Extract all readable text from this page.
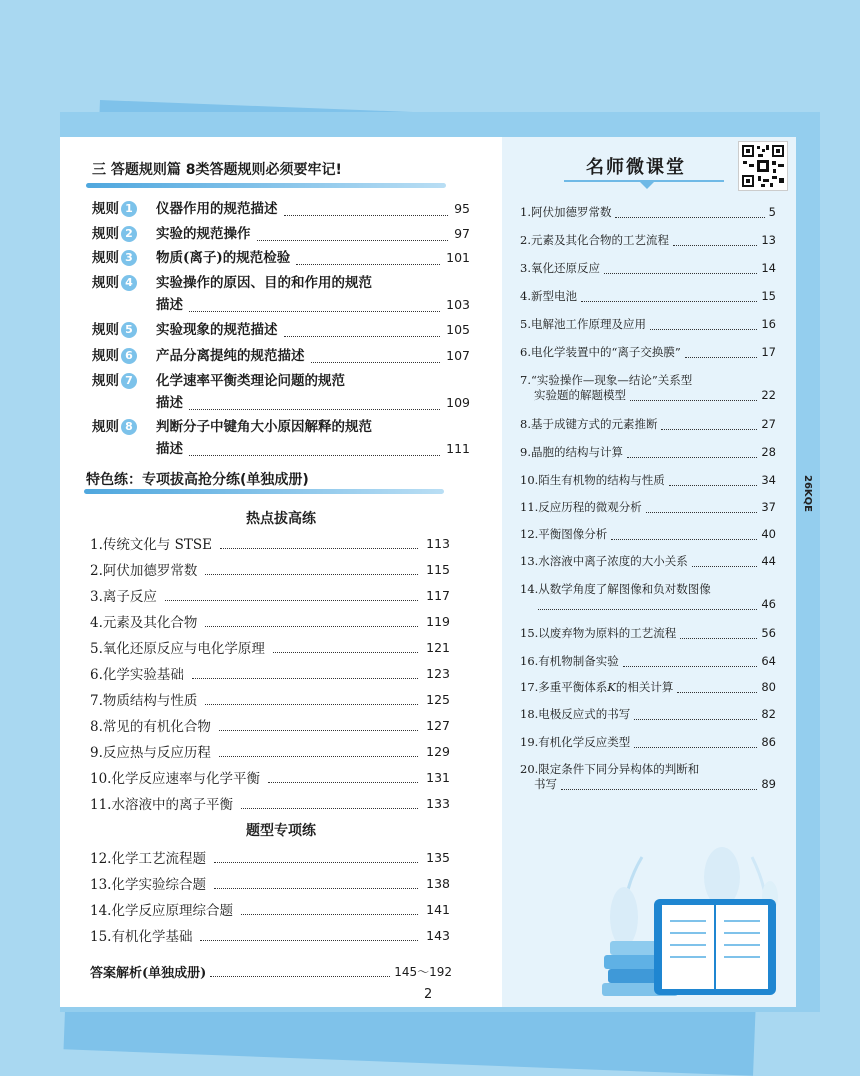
26KQE
三 答题规则篇 8类答题规则必须要牢记!
规则 1	仪器作用的规范描述	95
规则 2	实验的规范操作	97
规则 3	物质(离子)的规范检验	101
规则 4	实验操作的原因、目的和作用的规范
描述	103
规则 5	实验现象的规范描述	105
规则 6	产品分离提纯的规范描述	107
规则 7	化学速率平衡类理论问题的规范
描述	109
规则 8	判断分子中键角大小原因解释的规范
描述	111
特色练：专项拔高抢分练(单独成册)
热点拔高练
1.传统文化与 STSE	113
2.阿伏加德罗常数	115
3.离子反应	117
4.元素及其化合物	119
5.氧化还原反应与电化学原理	121
6.化学实验基础	123
7.物质结构与性质	125
8.常见的有机化合物	127
9.反应热与反应历程	129
10.化学反应速率与化学平衡	131
11.水溶液中的离子平衡	133
题型专项练
12.化学工艺流程题	135
13.化学实验综合题	138
14.化学反应原理综合题	141
15.有机化学基础	143
答案解析(单独成册)	145～192
2
名师微课堂
1.阿伏加德罗常数	5
2.元素及其化合物的工艺流程	13
3.氧化还原反应	14
4.新型电池	15
5.电解池工作原理及应用	16
6.电化学装置中的“离子交换膜”	17
7.“实验操作—现象—结论”关系型
实验题的解题模型	22
8.基于成键方式的元素推断	27
9.晶胞的结构与计算	28
10.陌生有机物的结构与性质	34
11.反应历程的微观分析	37
12.平衡图像分析	40
13.水溶液中离子浓度的大小关系	44
14.从数学角度了解图像和负对数图像
46
15.以废弃物为原料的工艺流程	56
16.有机物制备实验	64
17.多重平衡体系 K 的相关计算	80
18.电极反应式的书写	82
19.有机化学反应类型	86
20.限定条件下同分异构体的判断和
书写	89
